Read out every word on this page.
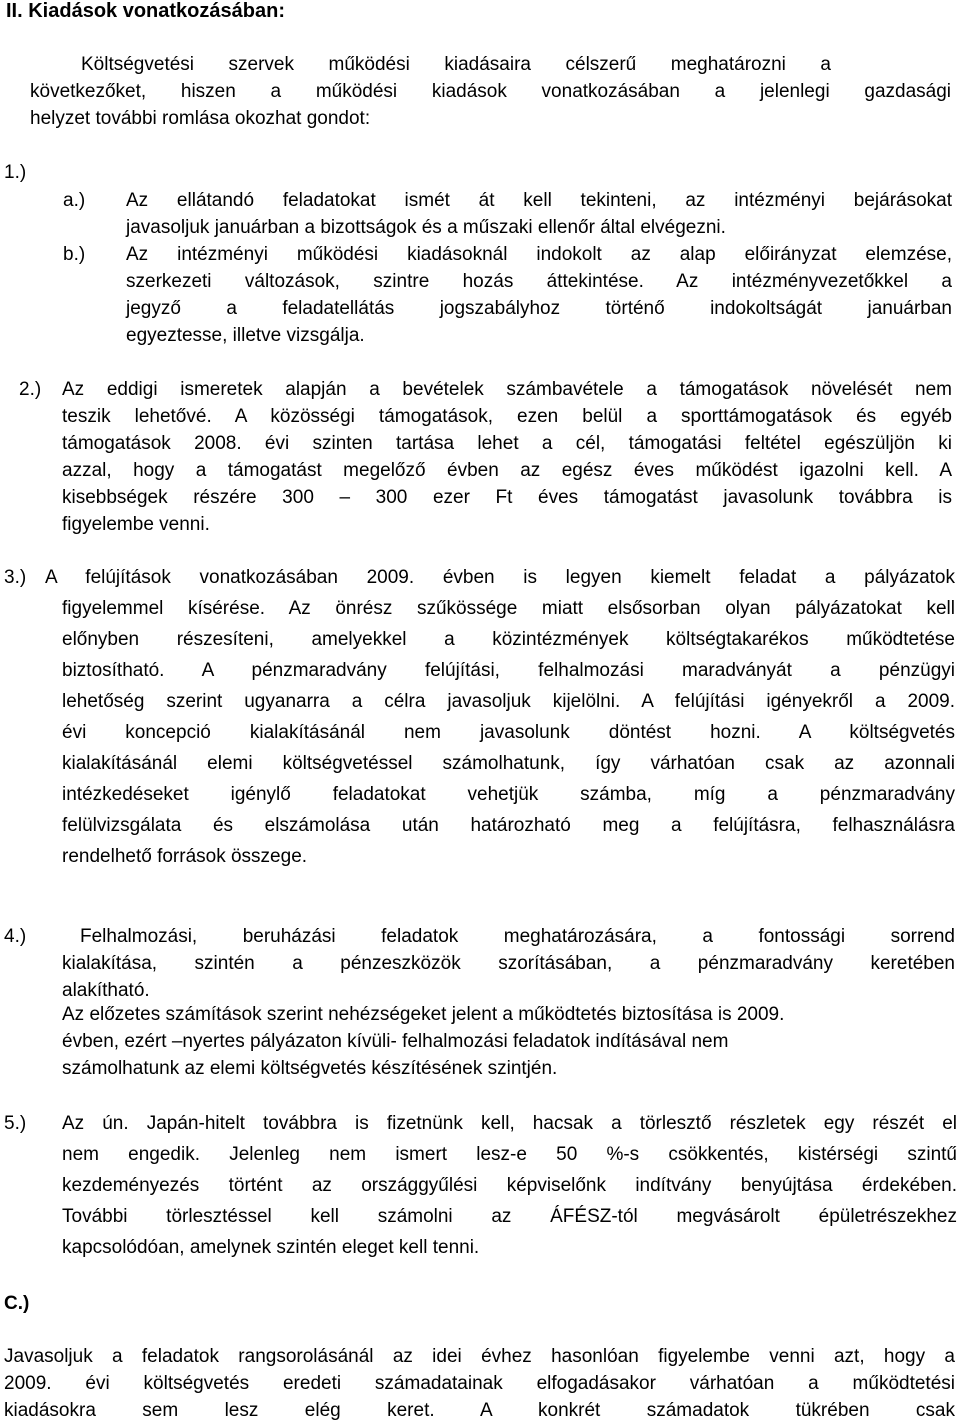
II. Kiadások vonatkozásában:
Költségvetési szervek működési kiadásaira célszerű meghatározni a
következőket, hiszen a működési kiadások vonatkozásában a jelenlegi gazdasági
helyzet további romlása okozhat gondot:
1.)
a.) Az ellátandó feladatokat ismét át kell tekinteni, az intézményi bejárásokat
javasoljuk januárban a bizottságok és a műszaki ellenőr által elvégezni.
b.) Az intézményi működési kiadásoknál indokolt az alap előirányzat elemzése,
szerkezeti változások, szintre hozás áttekintése. Az intézményvezetőkkel a
jegyző a feladatellátás jogszabályhoz történő indokoltságát januárban
egyeztesse, illetve vizsgálja.
2.) Az eddigi ismeretek alapján a bevételek számbavétele a támogatások növelését nem
teszik lehetővé. A közösségi támogatások, ezen belül a sporttámogatások és egyéb
támogatások 2008. évi szinten tartása lehet a cél, támogatási feltétel egészüljön ki
azzal, hogy a támogatást megelőző évben az egész éves működést igazolni kell. A
kisebbségek részére 300 – 300 ezer Ft éves támogatást javasolunk továbbra is
figyelembe venni.
3.) A felújítások vonatkozásában 2009. évben is legyen kiemelt feladat a pályázatok
figyelemmel kísérése. Az önrész szűkössége miatt elsősorban olyan pályázatokat kell
előnyben részesíteni, amelyekkel a közintézmények költségtakarékos működtetése
biztosítható. A pénzmaradvány felújítási, felhalmozási maradványát a pénzügyi
lehetőség szerint ugyanarra a célra javasoljuk kijelölni. A felújítási igényekről a 2009.
évi koncepció kialakításánál nem javasolunk döntést hozni. A költségvetés
kialakításánál elemi költségvetéssel számolhatunk, így várhatóan csak az azonnali
intézkedéseket igénylő feladatokat vehetjük számba, míg a pénzmaradvány
felülvizsgálata és elszámolása után határozható meg a felújításra, felhasználásra
rendelhető források összege.
4.)	Felhalmozási, beruházási feladatok meghatározására, a fontossági sorrend
kialakítása, szintén a pénzeszközök szorításában, a pénzmaradvány keretében
alakítható.
Az előzetes számítások szerint nehézségeket jelent a működtetés biztosítása is 2009.
évben, ezért –nyertes pályázaton kívüli- felhalmozási feladatok indításával nem
számolhatunk az elemi költségvetés készítésének szintjén.
5.) Az ún. Japán-hitelt továbbra is fizetnünk kell, hacsak a törlesztő részletek egy részét el
nem engedik. Jelenleg nem ismert lesz-e 50 %-s csökkentés, kistérségi szintű
kezdeményezés történt az országgyűlési képviselőnk indítvány benyújtása érdekében.
További törlesztéssel kell számolni az ÁFÉSZ-tól megvásárolt épületrészekhez
kapcsolódóan, amelynek szintén eleget kell tenni.
C.)
Javasoljuk a feladatok rangsorolásánál az idei évhez hasonlóan figyelembe venni azt, hogy a
2009. évi költségvetés eredeti számadatainak elfogadásakor várhatóan a működtetési
kiadásokra sem lesz elég keret. A konkrét számadatok tükrében csak
